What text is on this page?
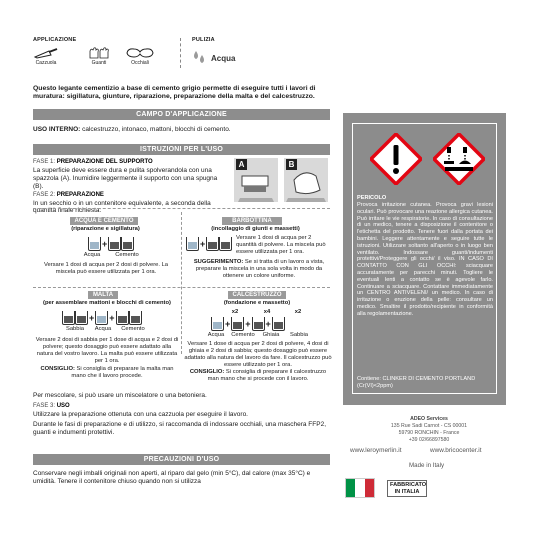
APPLICAZIONE
Cazzuola	Guanti	Occhiali
PULIZIA
Acqua
Questo legante cementizio a base di cemento grigio permette di eseguire tutti i lavori di muratura: sigillatura, giunture, riparazione, preparazione della malta e del calcestruzzo.
CAMPO D'APPLICAZIONE
USO INTERNO: calcestruzzo, intonaco, mattoni, blocchi di cemento.
ISTRUZIONI PER L'USO
FASE 1: PREPARAZIONE DEL SUPPORTO
La superficie deve essere dura e pulita spolverandola con una spazzola (A). Inumidire leggermente il supporto con una spugna (B).
FASE 2: PREPARAZIONE
In un secchio o in un contenitore equivalente, a seconda della quantità finale richiesta:
A	B
ACQUA E CEMENTO
(riparazione e sigillatura)
+
Acqua	Cemento
Versare 1 dosi di acqua per 2 dosi di polvere. La miscela può essere utilizzata per 1 ora.
BARBOTTINA
(incollaggio di giunti e massetti)
+
Versare 1 dosi di acqua per 2 quantità di polvere. La miscela può essere utilizzata per 1 ora.
SUGGERIMENTO: Se si tratta di un lavoro a vista, preparare la miscela in una sola volta in modo da ottenere un colore uniforme.
MALTA
(per assemblare mattoni e blocchi di cemento)
+ +
Sabbia	Acqua	Cemento
Versare 2 dosi di sabbia per 1 dose di acqua e 2 dosi di polvere; questo dosaggio può essere adattato alla natura del vostro lavoro. La malta può essere utilizzata per 1 ora.
CONSIGLIO: Si consiglia di preparare la malta man mano che il lavoro procede.
CALCESTRUZZO
(fondazione e massetto)
x2	x4	x2
+ + +
Acqua	Cemento	Ghiaia	Sabbia
Versare 1 dose di acqua per 2 dosi di polvere, 4 dosi di ghiaia e 2 dosi di sabbia; questo dosaggio può essere adattato alla natura del lavoro da fare. Il calcestruzzo può essere utilizzato per 1 ora.
CONSIGLIO: Si consiglia di preparare il calcestruzzo man mano che si procede con il lavoro.
Per mescolare, si può usare un miscelatore o una betoniera.
FASE 3: USO
Utilizzare la preparazione ottenuta con una cazzuola per eseguire il lavoro.
Durante le fasi di preparazione e di utilizzo, si raccomanda di indossare occhiali, una maschera FFP2, guanti e indumenti protettivi.
PRECAUZIONI D'USO
Conservare negli imballi originali non aperti, al riparo dal gelo (min 5°C), dal calore (max 35°C) e umidità. Tenere il contenitore chiuso quando non si utilizza
PERICOLO
Provoca irritazione cutanea. Provoca gravi lesioni oculari. Può provocare una reazione allergica cutanea. Può irritare le vie respiratorie. In caso di consultazione di un medico, tenere a disposizione il contenitore o l'etichetta del prodotto. Tenere fuori dalla portata dei bambini. Leggere attentamente e seguire tutte le istruzioni. Utilizzare soltanto all'aperto o in luogo ben ventilato. Indossare guanti/indumenti protettivi/Proteggere gli occhi/ il viso. IN CASO DI CONTATTO CON GLI OCCHI: sciacquare accuratamente per parecchi minuti. Togliere le eventuali lenti a contatto se è agevole farlo. Continuare a sciacquare. Contattare immediatamente un CENTRO ANTIVELENI/ un medico. In caso di irritazione o eruzione della pelle: consultare un medico. Smaltire il prodotto/recipiente in conformità alla regolamentazione.
Contiene: CLINKER DI CEMENTO PORTLAND (Cr(VI)<2ppm)
ADEO Services
135 Rue Sadi Carnot - CS 00001
59790 RONCHIN - France
+39 02/66897580
www.leroymerlin.it	www.bricocenter.it
Made in Italy
FABBRICATO IN ITALIA
